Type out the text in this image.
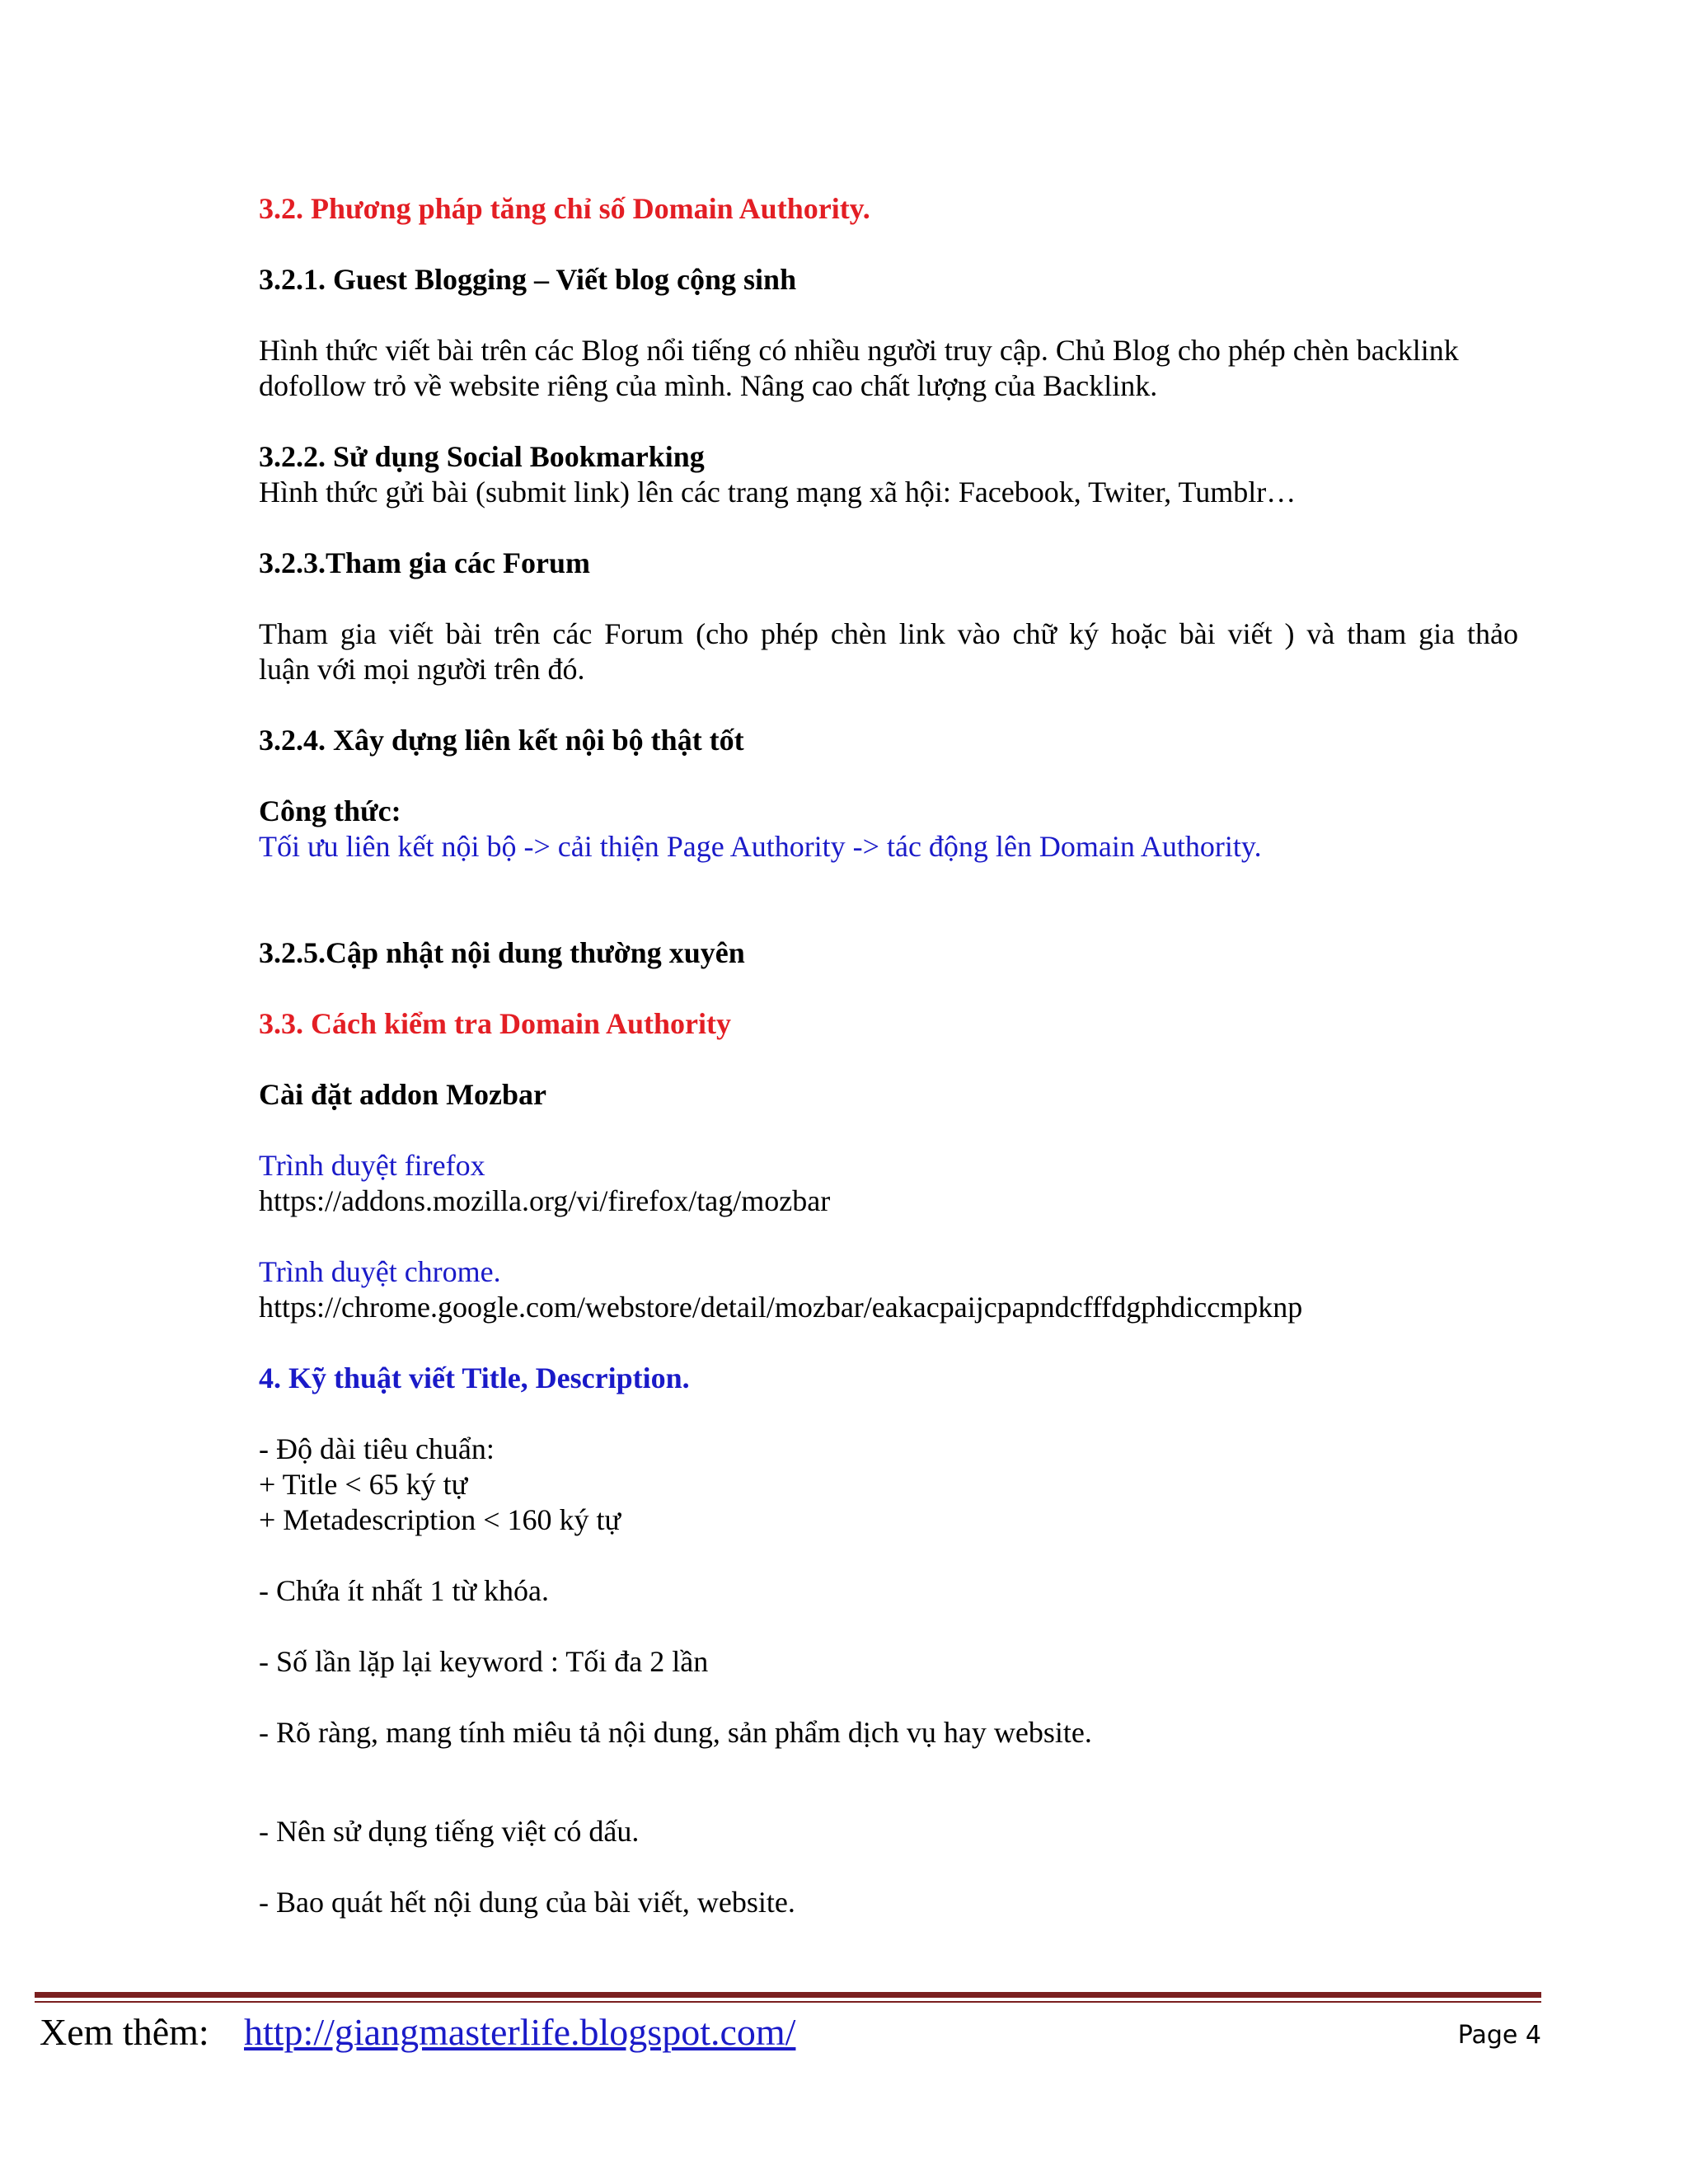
3.2. Phương pháp tăng chỉ số Domain Authority.

3.2.1. Guest Blogging – Viết blog cộng sinh

Hình thức viết bài trên các Blog nổi tiếng có nhiều người truy cập. Chủ Blog cho phép chèn backlink

dofollow trỏ về website riêng của mình. Nâng cao chất lượng của Backlink.

3.2.2. Sử dụng Social Bookmarking

Hình thức gửi bài (submit link) lên các trang mạng xã hội: Facebook, Twiter, Tumblr…

3.2.3.Tham gia các Forum

Tham gia viết bài trên các Forum (cho phép chèn link vào chữ ký hoặc bài viết ) và tham gia thảo

luận với mọi người trên đó.

3.2.4. Xây dựng liên kết nội bộ thật tốt

Công thức:

Tối ưu liên kết nội bộ -> cải thiện Page Authority -> tác động lên Domain Authority.

3.2.5.Cập nhật nội dung thường xuyên

3.3. Cách kiểm tra Domain Authority

Cài đặt addon Mozbar

Trình duyệt firefox

https://addons.mozilla.org/vi/firefox/tag/mozbar

Trình duyệt chrome.

https://chrome.google.com/webstore/detail/mozbar/eakacpaijcpapndcfffdgphdiccmpknp

4. Kỹ thuật viết Title, Description.

- Độ dài tiêu chuẩn:

+ Title < 65 ký tự

+ Metadescription < 160 ký tự

- Chứa ít nhất 1 từ khóa.

- Số lần lặp lại keyword : Tối đa 2 lần

- Rõ ràng, mang tính miêu tả nội dung, sản phẩm dịch vụ hay website.

- Nên sử dụng tiếng việt có dấu.

- Bao quát hết nội dung của bài viết, website.

Xem thêm: http://giangmasterlife.blogspot.com/	Page 4
